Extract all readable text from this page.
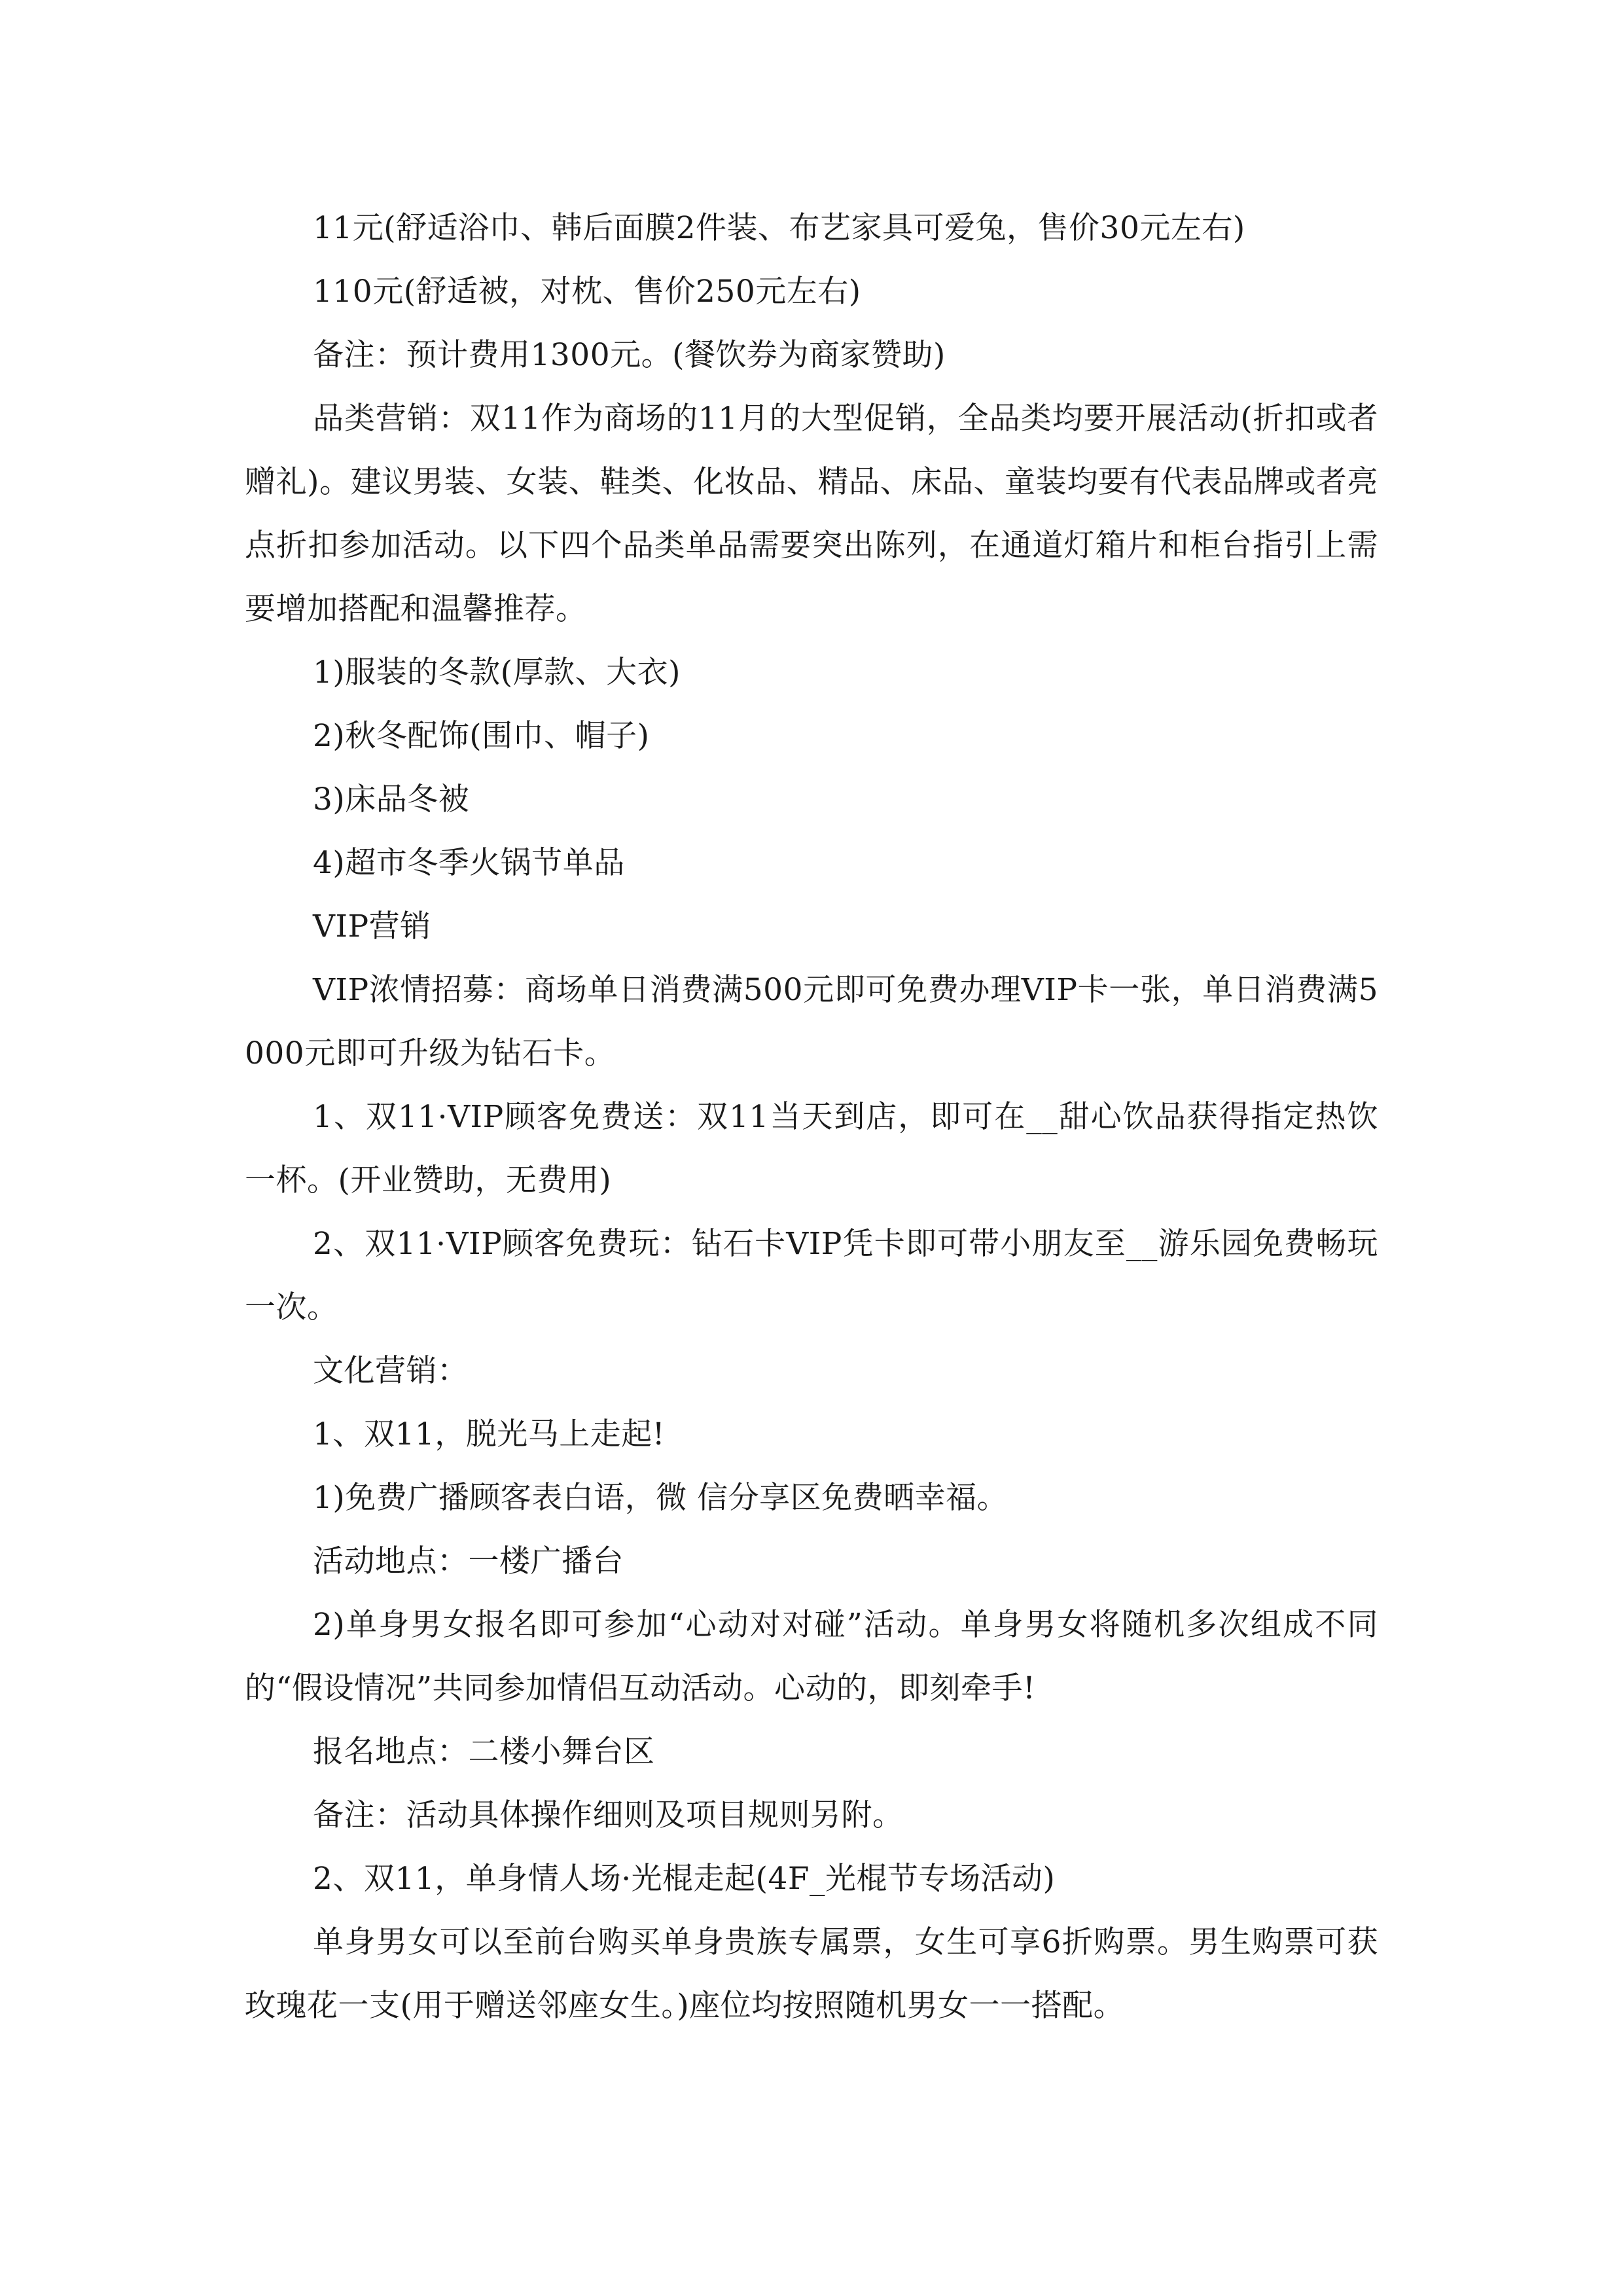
11元(舒适浴巾、韩后面膜2件装、布艺家具可爱兔，售价30元左右)

110元(舒适被，对枕、售价250元左右)

备注：预计费用1300元。(餐饮券为商家赞助)

品类营销：双11作为商场的11月的大型促销，全品类均要开展活动(折扣或者赠礼)。建议男装、女装、鞋类、化妆品、精品、床品、童装均要有代表品牌或者亮点折扣参加活动。以下四个品类单品需要突出陈列，在通道灯箱片和柜台指引上需要增加搭配和温馨推荐。

1)服装的冬款(厚款、大衣)

2)秋冬配饰(围巾、帽子)

3)床品冬被

4)超市冬季火锅节单品

VIP营销

VIP浓情招募：商场单日消费满500元即可免费办理VIP卡一张，单日消费满5000元即可升级为钻石卡。

1、双11·VIP顾客免费送：双11当天到店，即可在__甜心饮品获得指定热饮一杯。(开业赞助，无费用)

2、双11·VIP顾客免费玩：钻石卡VIP凭卡即可带小朋友至__游乐园免费畅玩一次。

文化营销：

1、双11，脱光马上走起!

1)免费广播顾客表白语，微 信分享区免费晒幸福。

活动地点：一楼广播台

2)单身男女报名即可参加“心动对对碰”活动。单身男女将随机多次组成不同的“假设情况”共同参加情侣互动活动。心动的，即刻牵手!

报名地点：二楼小舞台区

备注：活动具体操作细则及项目规则另附。

2、双11，单身情人场·光棍走起(4F_光棍节专场活动)

单身男女可以至前台购买单身贵族专属票，女生可享6折购票。男生购票可获玫瑰花一支(用于赠送邻座女生。)座位均按照随机男女一一搭配。
